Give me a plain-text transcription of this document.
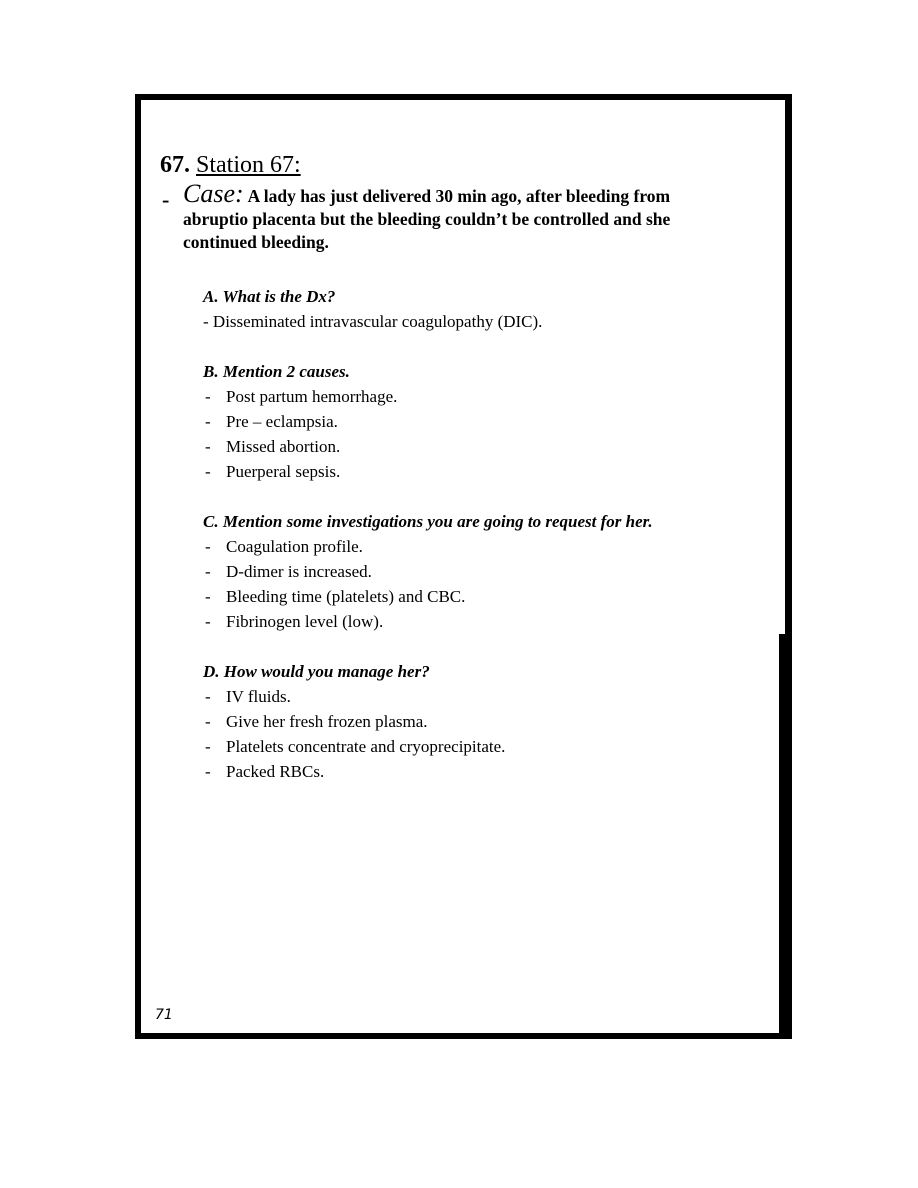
67. Station 67:
- Case: A lady has just delivered 30 min ago, after bleeding from abruptio placenta but the bleeding couldn’t be controlled and she continued bleeding.
A. What is the Dx?
- Disseminated intravascular coagulopathy (DIC).
B. Mention 2 causes.
- Post partum hemorrhage.
- Pre – eclampsia.
- Missed abortion.
- Puerperal sepsis.
C. Mention some investigations you are going to request for her.
- Coagulation profile.
- D-dimer is increased.
- Bleeding time (platelets) and CBC.
- Fibrinogen level (low).
D. How would you manage her?
- IV fluids.
- Give her fresh frozen plasma.
- Platelets concentrate and cryoprecipitate.
- Packed RBCs.
71
